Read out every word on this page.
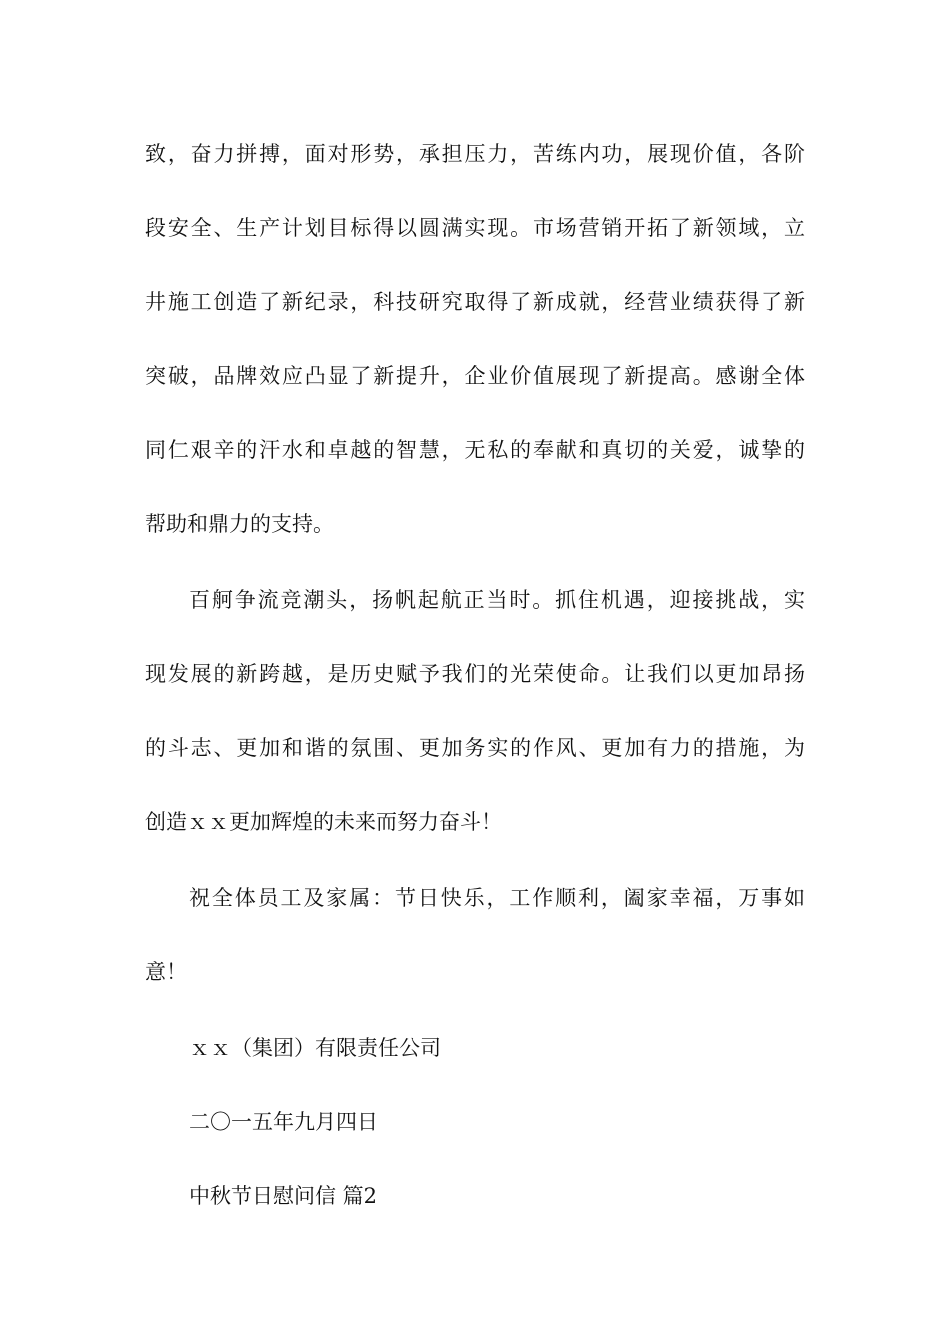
致，奋力拼搏，面对形势，承担压力，苦练内功，展现价值，各阶
段安全、生产计划目标得以圆满实现。市场营销开拓了新领域，立
井施工创造了新纪录，科技研究取得了新成就，经营业绩获得了新
突破，品牌效应凸显了新提升，企业价值展现了新提高。感谢全体
同仁艰辛的汗水和卓越的智慧，无私的奉献和真切的关爱，诚挚的
帮助和鼎力的支持。
百舸争流竞潮头，扬帆起航正当时。抓住机遇，迎接挑战，实
现发展的新跨越，是历史赋予我们的光荣使命。让我们以更加昂扬
的斗志、更加和谐的氛围、更加务实的作风、更加有力的措施，为
创造ｘｘ更加辉煌的未来而努力奋斗！
祝全体员工及家属：节日快乐，工作顺利，阖家幸福，万事如
意！
ｘｘ（集团）有限责任公司
二〇一五年九月四日
中秋节日慰问信 篇2
